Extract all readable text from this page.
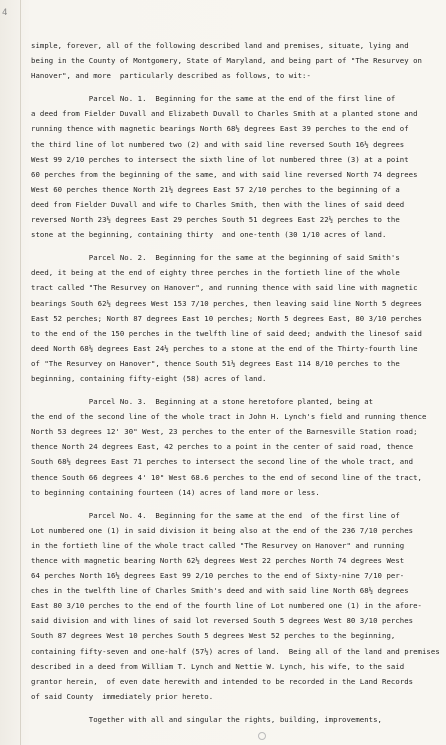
4
simple, forever, all of the following described land and premises, situate, lying and
being in the County of Montgomery, State of Maryland, and being part of "The Resurvey on
Hanover", and more  particularly described as follows, to wit:-
Parcel No. 1.  Beginning for the same at the end of the first line of
a deed from Fielder Duvall and Elizabeth Duvall to Charles Smith at a planted stone and
running thence with magnetic bearings North 68½ degrees East 39 perches to the end of
the third line of lot numbered two (2) and with said line reversed South 16½ degrees
West 99 2/10 perches to intersect the sixth line of lot numbered three (3) at a point
60 perches from the beginning of the same, and with said line reversed North 74 degrees
West 60 perches thence North 21½ degrees East 57 2/10 perches to the beginning of a
deed from Fielder Duvall and wife to Charles Smith, then with the lines of said deed
reversed North 23½ degrees East 29 perches South 51 degrees East 22½ perches to the
stone at the beginning, containing thirty  and one-tenth (30 1/10 acres of land.
Parcel No. 2.  Beginning for the same at the beginning of said Smith's
deed, it being at the end of eighty three perches in the fortieth line of the whole
tract called "The Resurvey on Hanover", and running thence with said line with magnetic
bearings South 62½ degrees West 153 7/10 perches, then leaving said line North 5 degrees
East 52 perches; North 87 degrees East 10 perches; North 5 degrees East, 80 3/10 perches
to the end of the 150 perches in the twelfth line of said deed; andwith the linesof said
deed North 68½ degrees East 24½ perches to a stone at the end of the Thirty-fourth line
of "The Resurvey on Hanover", thence South 51½ degrees East 114 8/10 perches to the
beginning, containing fifty-eight (58) acres of land.
Parcel No. 3.  Beginning at a stone heretofore planted, being at
the end of the second line of the whole tract in John H. Lynch's field and running thence
North 53 degrees 12' 30" West, 23 perches to the enter of the Barnesville Station road;
thence North 24 degrees East, 42 perches to a point in the center of said road, thence
South 68½ degrees East 71 perches to intersect the second line of the whole tract, and
thence South 66 degrees 4' 10" West 68.6 perches to the end of second line of the tract,
to beginning containing fourteen (14) acres of land more or less.
Parcel No. 4.  Beginning for the same at the end  of the first line of
Lot numbered one (1) in said division it being also at the end of the 236 7/10 perches
in the fortieth line of the whole tract called "The Resurvey on Hanover" and running
thence with magnetic bearing North 62½ degrees West 22 perches North 74 degrees West
64 perches North 16½ degrees East 99 2/10 perches to the end of Sixty-nine 7/10 per-
ches in the twelfth line of Charles Smith's deed and with said line North 68½ degrees
East 80 3/10 perches to the end of the fourth line of Lot numbered one (1) in the afore-
said division and with lines of said lot reversed South 5 degrees West 80 3/10 perches
South 87 degrees West 10 perches South 5 degrees West 52 perches to the beginning,
containing fifty-seven and one-half (57½) acres of land.  Being all of the land and premises
described in a deed from William T. Lynch and Nettie W. Lynch, his wife, to the said
grantor herein,  of even date herewith and intended to be recorded in the Land Records
of said County  immediately prior hereto.
Together with all and singular the rights, building, improvements,
